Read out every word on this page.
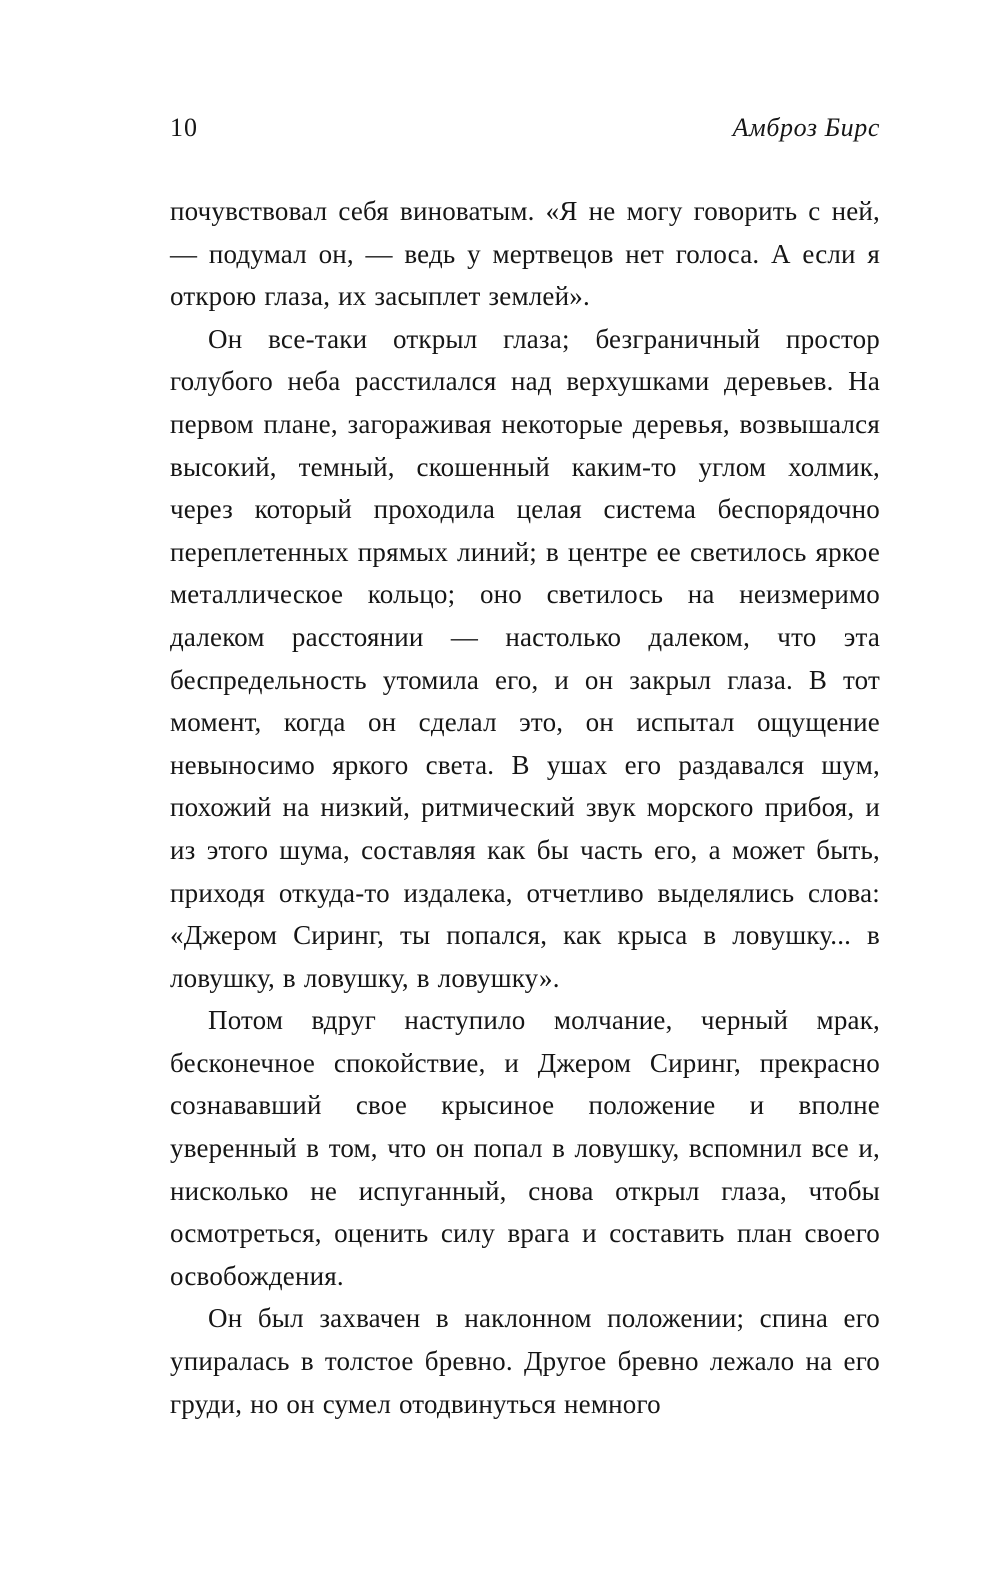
10	Амброз Бирс

почувствовал себя виноватым. «Я не могу говорить с ней, — подумал он, — ведь у мертвецов нет голоса. А если я открою глаза, их засыплет землей».

Он все-таки открыл глаза; безграничный простор голубого неба расстилался над верхушками деревьев. На первом плане, загораживая некоторые деревья, возвышался высокий, темный, скошенный каким-то углом холмик, через который проходила целая система беспорядочно переплетенных прямых линий; в центре ее светилось яркое металлическое кольцо; оно светилось на неизмеримо далеком расстоянии — настолько далеком, что эта беспредельность утомила его, и он закрыл глаза. В тот момент, когда он сделал это, он испытал ощущение невыносимо яркого света. В ушах его раздавался шум, похожий на низкий, ритмический звук морского прибоя, и из этого шума, составляя как бы часть его, а может быть, приходя откуда-то издалека, отчетливо выделялись слова: «Джером Сиринг, ты попался, как крыса в ловушку... в ловушку, в ловушку, в ловушку».

Потом вдруг наступило молчание, черный мрак, бесконечное спокойствие, и Джером Сиринг, прекрасно сознававший свое крысиное положение и вполне уверенный в том, что он попал в ловушку, вспомнил все и, нисколько не испуганный, снова открыл глаза, чтобы осмотреться, оценить силу врага и составить план своего освобождения.

Он был захвачен в наклонном положении; спина его упиралась в толстое бревно. Другое бревно лежало на его груди, но он сумел отодвинуться немного
